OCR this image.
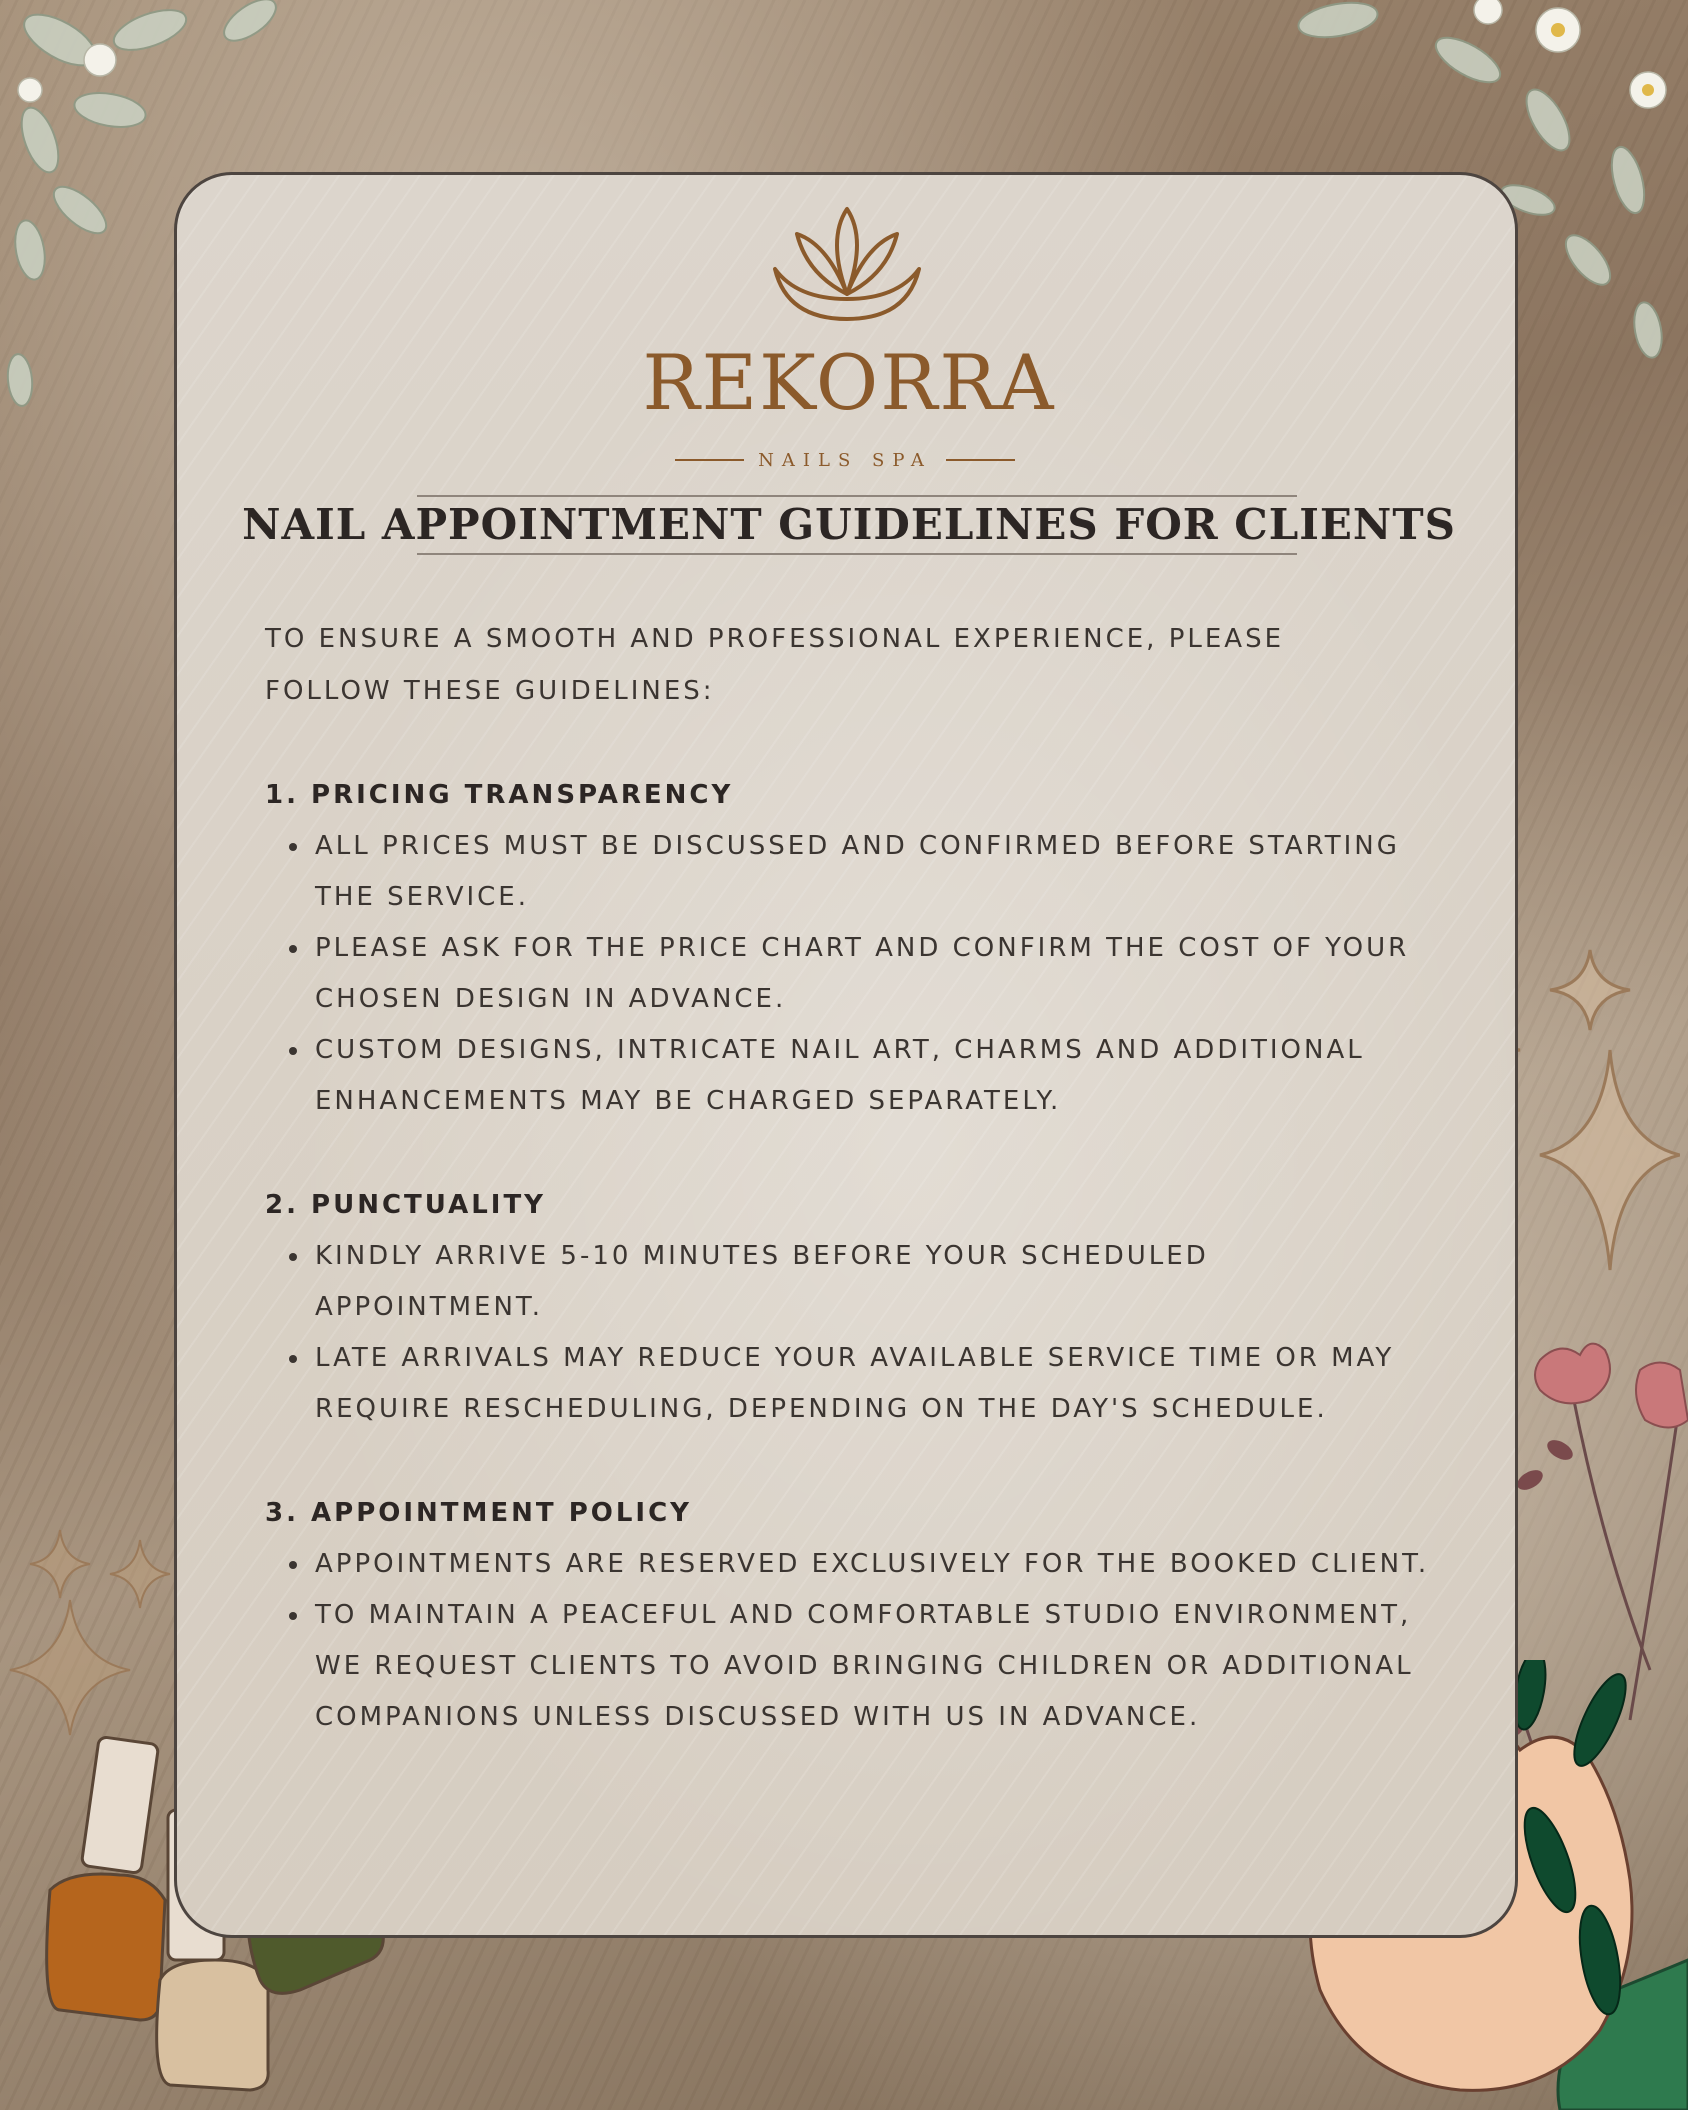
REKORRA
NAILS SPA
NAIL APPOINTMENT GUIDELINES FOR CLIENTS

TO ENSURE A SMOOTH AND PROFESSIONAL EXPERIENCE, PLEASE FOLLOW THESE GUIDELINES:

1. PRICING TRANSPARENCY
ALL PRICES MUST BE DISCUSSED AND CONFIRMED BEFORE STARTING THE SERVICE.
PLEASE ASK FOR THE PRICE CHART AND CONFIRM THE COST OF YOUR CHOSEN DESIGN IN ADVANCE.
CUSTOM DESIGNS, INTRICATE NAIL ART, CHARMS AND ADDITIONAL ENHANCEMENTS MAY BE CHARGED SEPARATELY.
2. PUNCTUALITY
KINDLY ARRIVE 5-10 MINUTES BEFORE YOUR SCHEDULED APPOINTMENT.
LATE ARRIVALS MAY REDUCE YOUR AVAILABLE SERVICE TIME OR MAY REQUIRE RESCHEDULING, DEPENDING ON THE DAY'S SCHEDULE.
3. APPOINTMENT POLICY
APPOINTMENTS ARE RESERVED EXCLUSIVELY FOR THE BOOKED CLIENT.
TO MAINTAIN A PEACEFUL AND COMFORTABLE STUDIO ENVIRONMENT, WE REQUEST CLIENTS TO AVOID BRINGING CHILDREN OR ADDITIONAL COMPANIONS UNLESS DISCUSSED WITH US IN ADVANCE.
